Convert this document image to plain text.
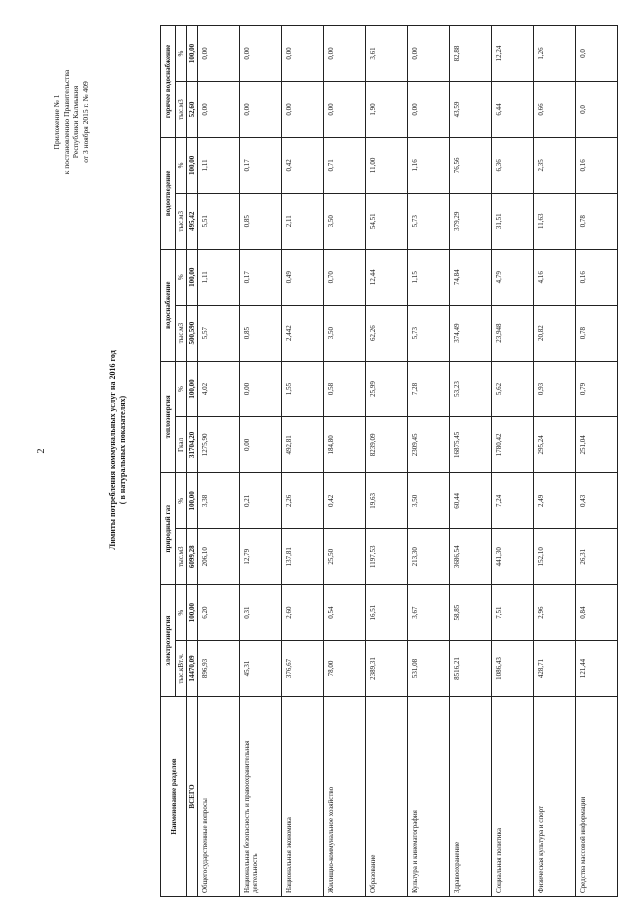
2
Приложение № 1 к постановлению Правительства Республики Калмыкия от 3 ноября 2015 г. № 409
Лимиты потребления коммунальных услуг на 2016 год ( в натуральных показателях)
Наименование разделов	электроэнергия		природный газ		теплоэнергия		водоснабжение		водоотведение		горячее водоснабжение	
	тыс.кВт.ч.	%	тыс.м3	%	Гкал	%	тыс.м3	%	тыс.м3	%	тыс.м3	%
ВСЕГО	14470,09	100,00	6099,28	100,00	31704,20	100,00	500,590	100,00	495,42	100,00	52,60	100,00
Общегосударственные вопросы	896,93	6,20	206,10	3,38	1275,90	4,02	5,57	1,11	5,51	1,11	0,00	0,00
Национальная безопасность и правоохранительная деятельность	45,31	0,31	12,79	0,21	0,00	0,00	0,85	0,17	0,85	0,17	0,00	0,00
Национальная экономика	376,67	2,60	137,81	2,26	492,81	1,55	2,442	0,49	2,11	0,42	0,00	0,00
Жилищно-коммунальное хозяйство	78,00	0,54	25,50	0,42	184,80	0,58	3,50	0,70	3,50	0,71	0,00	0,00
Образование	2389,31	16,51	1197,53	19,63	8239,09	25,99	62,26	12,44	54,51	11,00	1,90	3,61
Культура и кинематография	531,08	3,67	213,30	3,50	2309,45	7,28	5,73	1,15	5,73	1,16	0,00	0,00
Здравоохранение	8516,21	58,85	3686,54	60,44	16875,45	53,23	374,49	74,84	379,29	76,56	43,59	82,88
Социальная политика	1086,43	7,51	441,30	7,24	1780,42	5,62	23,948	4,79	31,51	6,36	6,44	12,24
Физическая культура и спорт	428,71	2,96	152,10	2,49	295,24	0,93	20,82	4,16	11,63	2,35	0,66	1,26
Средства массовой информации	121,44	0,84	26,31	0,43	251,04	0,79	0,78	0,16	0,78	0,16	0,0	0,0
